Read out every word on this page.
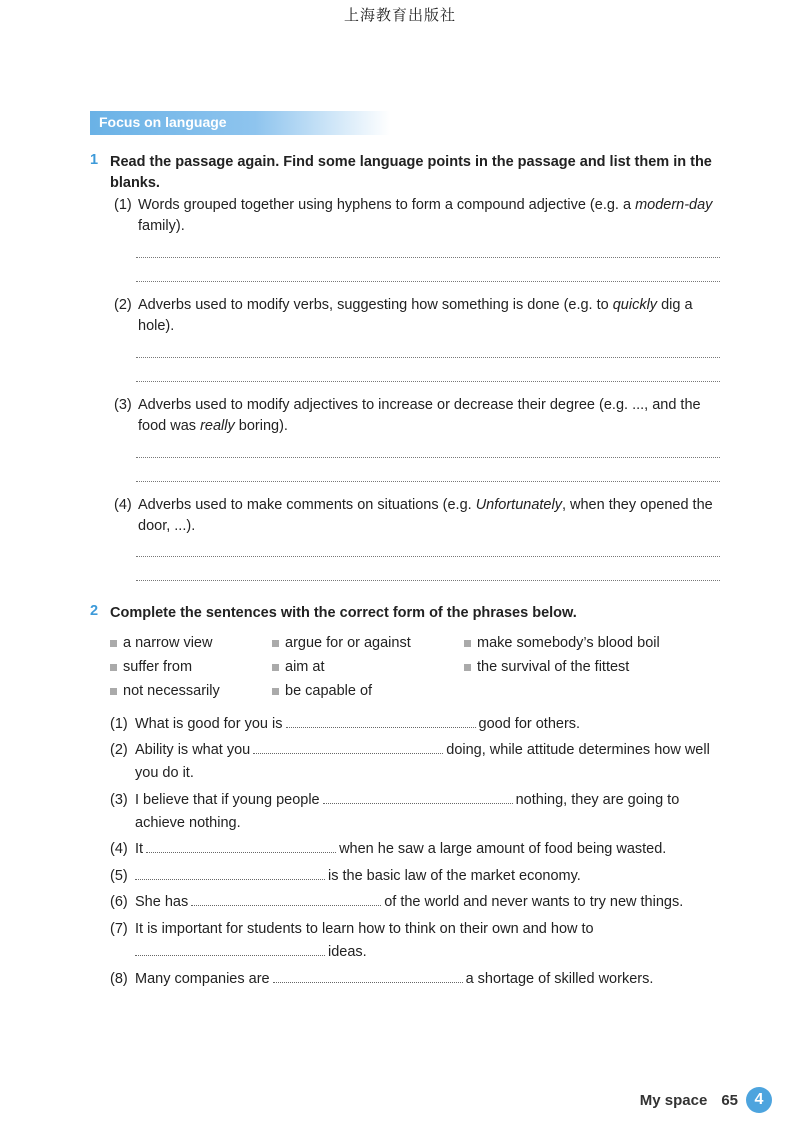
上海教育出版社
Focus on language
1 Read the passage again. Find some language points in the passage and list them in the blanks.
(1) Words grouped together using hyphens to form a compound adjective (e.g. a modern-day family).
(2) Adverbs used to modify verbs, suggesting how something is done (e.g. to quickly dig a hole).
(3) Adverbs used to modify adjectives to increase or decrease their degree (e.g. ..., and the food was really boring).
(4) Adverbs used to make comments on situations (e.g. Unfortunately, when they opened the door, ...).
2 Complete the sentences with the correct form of the phrases below.
a narrow view	argue for or against	make somebody’s blood boil
suffer from	aim at	the survival of the fittest
not necessarily	be capable of
(1) What is good for you is	good for others.
(2) Ability is what you	doing, while attitude determines how well you do it.
(3) I believe that if young people	nothing, they are going to achieve nothing.
(4) It	when he saw a large amount of food being wasted.
(5)	is the basic law of the market economy.
(6) She has	of the world and never wants to try new things.
(7) It is important for students to learn how to think on their own and how to
ideas.
(8) Many companies are	a shortage of skilled workers.
My space 65	4
